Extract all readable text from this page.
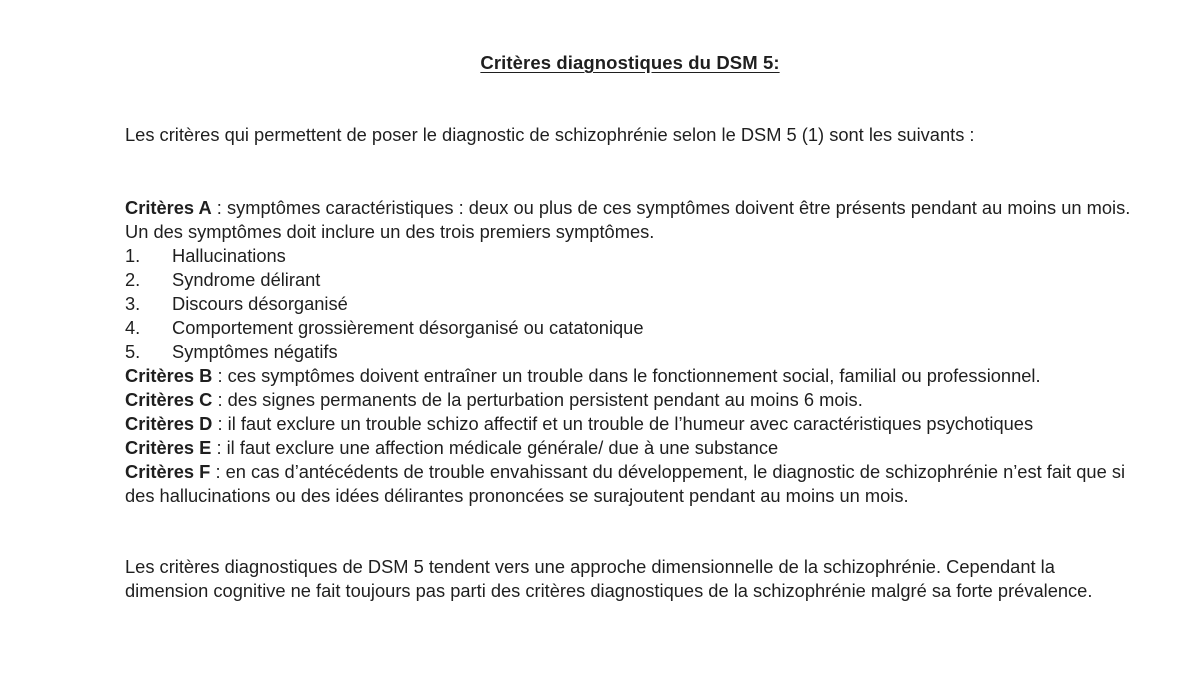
Critères diagnostiques du DSM 5:
Les critères qui permettent de poser le diagnostic de schizophrénie selon le DSM 5 (1) sont les suivants :
Critères A : symptômes caractéristiques : deux ou plus de ces symptômes doivent être présents pendant au moins un mois. Un des symptômes doit inclure un des trois premiers symptômes.
1. Hallucinations
2. Syndrome délirant
3. Discours désorganisé
4. Comportement grossièrement désorganisé ou catatonique
5. Symptômes négatifs
Critères B : ces symptômes doivent entraîner un trouble dans le fonctionnement social, familial ou professionnel.
Critères C : des signes permanents de la perturbation persistent pendant au moins 6 mois.
Critères D : il faut exclure un trouble schizo affectif et un trouble de l’humeur avec caractéristiques psychotiques
Critères E : il faut exclure une affection médicale générale/ due à une substance
Critères F : en cas d’antécédents de trouble envahissant du développement, le diagnostic de schizophrénie n’est fait que si des hallucinations ou des idées délirantes prononcées se surajoutent pendant au moins un mois.
Les critères diagnostiques de DSM 5 tendent vers une approche dimensionnelle de la schizophrénie. Cependant la dimension cognitive ne fait toujours pas parti des critères diagnostiques de la schizophrénie malgré sa forte prévalence.
